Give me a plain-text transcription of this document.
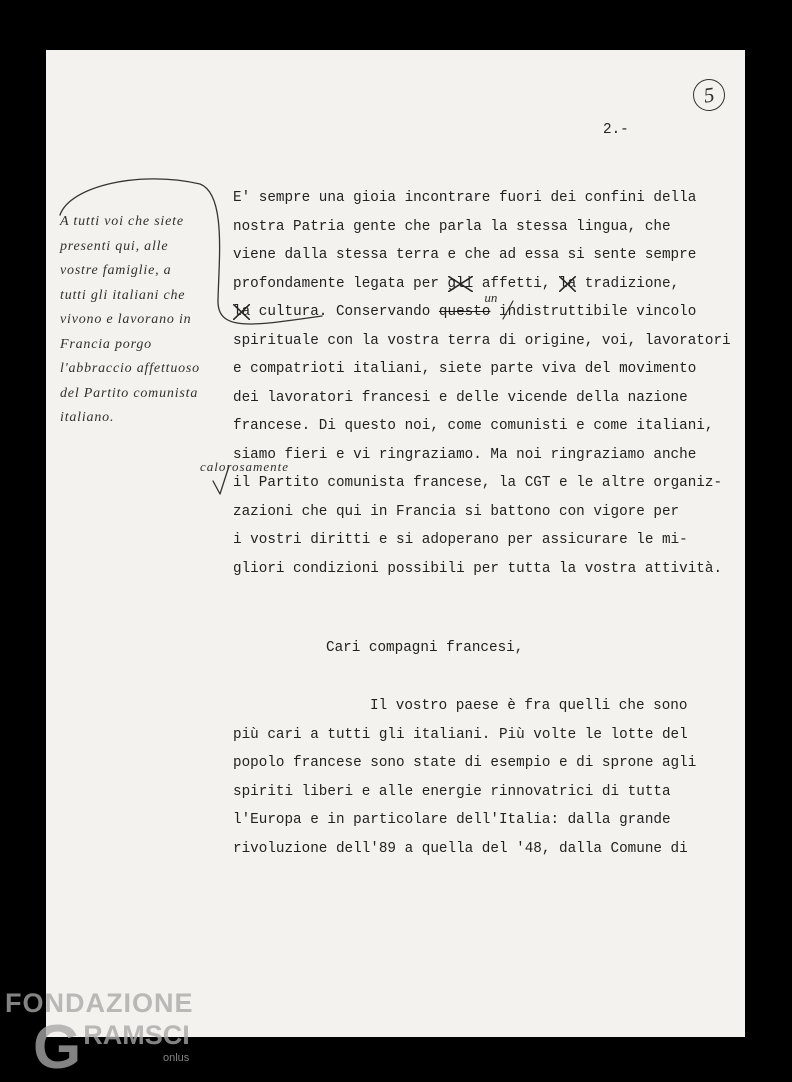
5
2.-
A tutti voi che siete
presenti qui, alle
vostre famiglie, a
tutti gli italiani che
vivono e lavorano in
Francia porgo
l'abbraccio affettuoso
del Partito comunista
italiano.
E' sempre una gioia incontrare fuori dei confini della
nostra Patria gente che parla la stessa lingua, che
viene dalla stessa terra e che ad essa si sente sempre
profondamente legata per gli affetti, la tradizione,
la cultura. Conservando questo
un
indistruttibile vincolo
spirituale con la vostra terra di origine, voi, lavoratori
e compatrioti italiani, siete parte viva del movimento
dei lavoratori francesi e delle vicende della nazione
francese. Di questo noi, come comunisti e come italiani,
siamo fieri e vi ringraziamo. Ma noi ringraziamo anche
il
calorosamente
Partito comunista francese, la CGT e le altre organiz-
zazioni che qui in Francia si battono con vigore per
i vostri diritti e si adoperano per assicurare le mi-
gliori condizioni possibili per tutta la vostra attività.
Cari compagni francesi,
Il vostro paese è fra quelli che sono
più cari a tutti gli italiani. Più volte le lotte del
popolo francese sono state di esempio e di sprone agli
spiriti liberi e alle energie rinnovatrici di tutta
l'Europa e in particolare dell'Italia: dalla grande
rivoluzione dell'89 a quella del '48, dalla Comune di
FONDAZIONE
GRAMSCI
onlus
